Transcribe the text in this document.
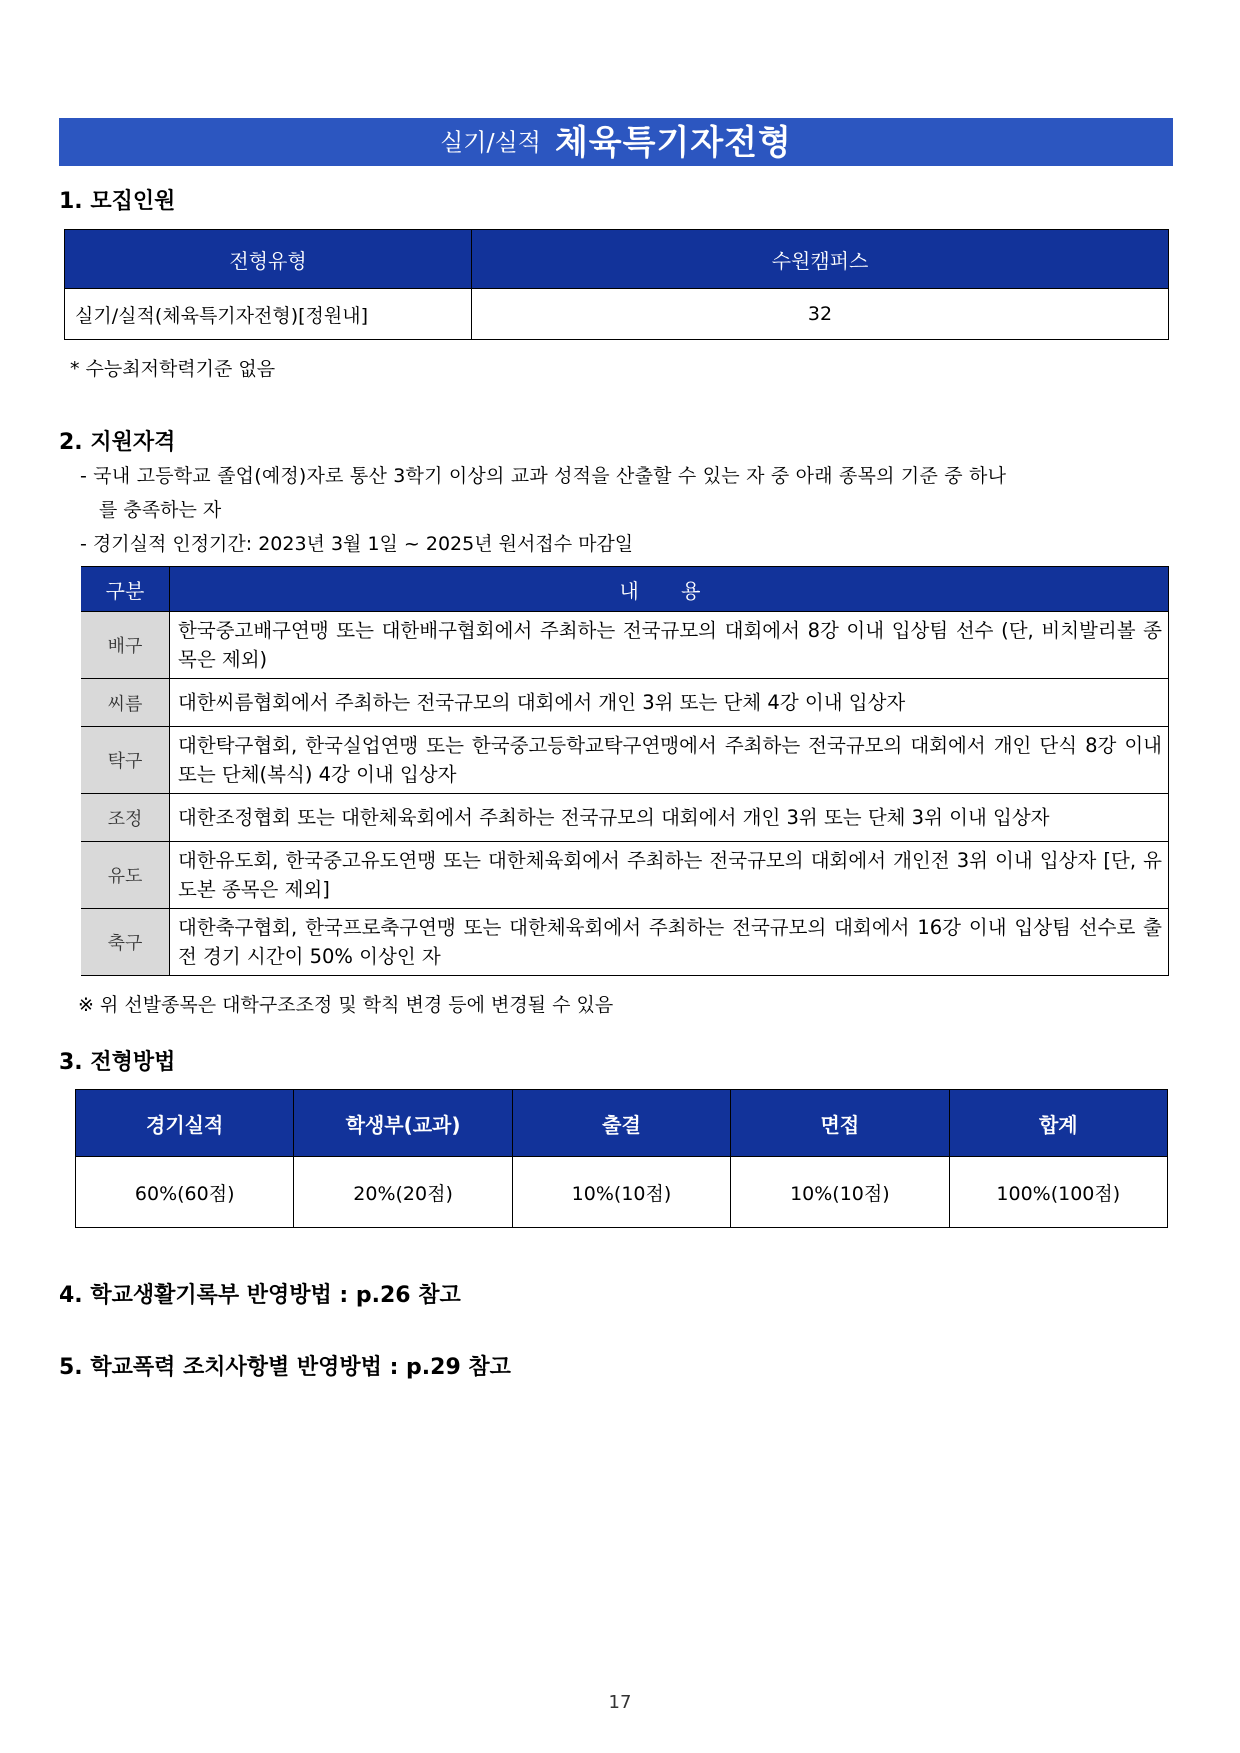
실기/실적 체육특기자전형
1. 모집인원
전형유형	수원캠퍼스
실기/실적(체육특기자전형)[정원내]	32
* 수능최저학력기준 없음
2. 지원자격
- 국내 고등학교 졸업(예정)자로 통산 3학기 이상의 교과 성적을 산출할 수 있는 자 중 아래 종목의 기준 중 하나
를 충족하는 자
- 경기실적 인정기간: 2023년 3월 1일 ~ 2025년 원서접수 마감일
구분	내 용
배구	한국중고배구연맹 또는 대한배구협회에서 주최하는 전국규모의 대회에서 8강 이내 입상팀 선수 (단, 비치발리볼 종목은 제외)
씨름	대한씨름협회에서 주최하는 전국규모의 대회에서 개인 3위 또는 단체 4강 이내 입상자
탁구	대한탁구협회, 한국실업연맹 또는 한국중고등학교탁구연맹에서 주최하는 전국규모의 대회에서 개인 단식 8강 이내 또는 단체(복식) 4강 이내 입상자
조정	대한조정협회 또는 대한체육회에서 주최하는 전국규모의 대회에서 개인 3위 또는 단체 3위 이내 입상자
유도	대한유도회, 한국중고유도연맹 또는 대한체육회에서 주최하는 전국규모의 대회에서 개인전 3위 이내 입상자 [단, 유도본 종목은 제외]
축구	대한축구협회, 한국프로축구연맹 또는 대한체육회에서 주최하는 전국규모의 대회에서 16강 이내 입상팀 선수로 출전 경기 시간이 50% 이상인 자
※ 위 선발종목은 대학구조조정 및 학칙 변경 등에 변경될 수 있음
3. 전형방법
경기실적	학생부(교과)	출결	면접	합계
60%(60점)	20%(20점)	10%(10점)	10%(10점)	100%(100점)
4. 학교생활기록부 반영방법 : p.26 참고
5. 학교폭력 조치사항별 반영방법 : p.29 참고
17
